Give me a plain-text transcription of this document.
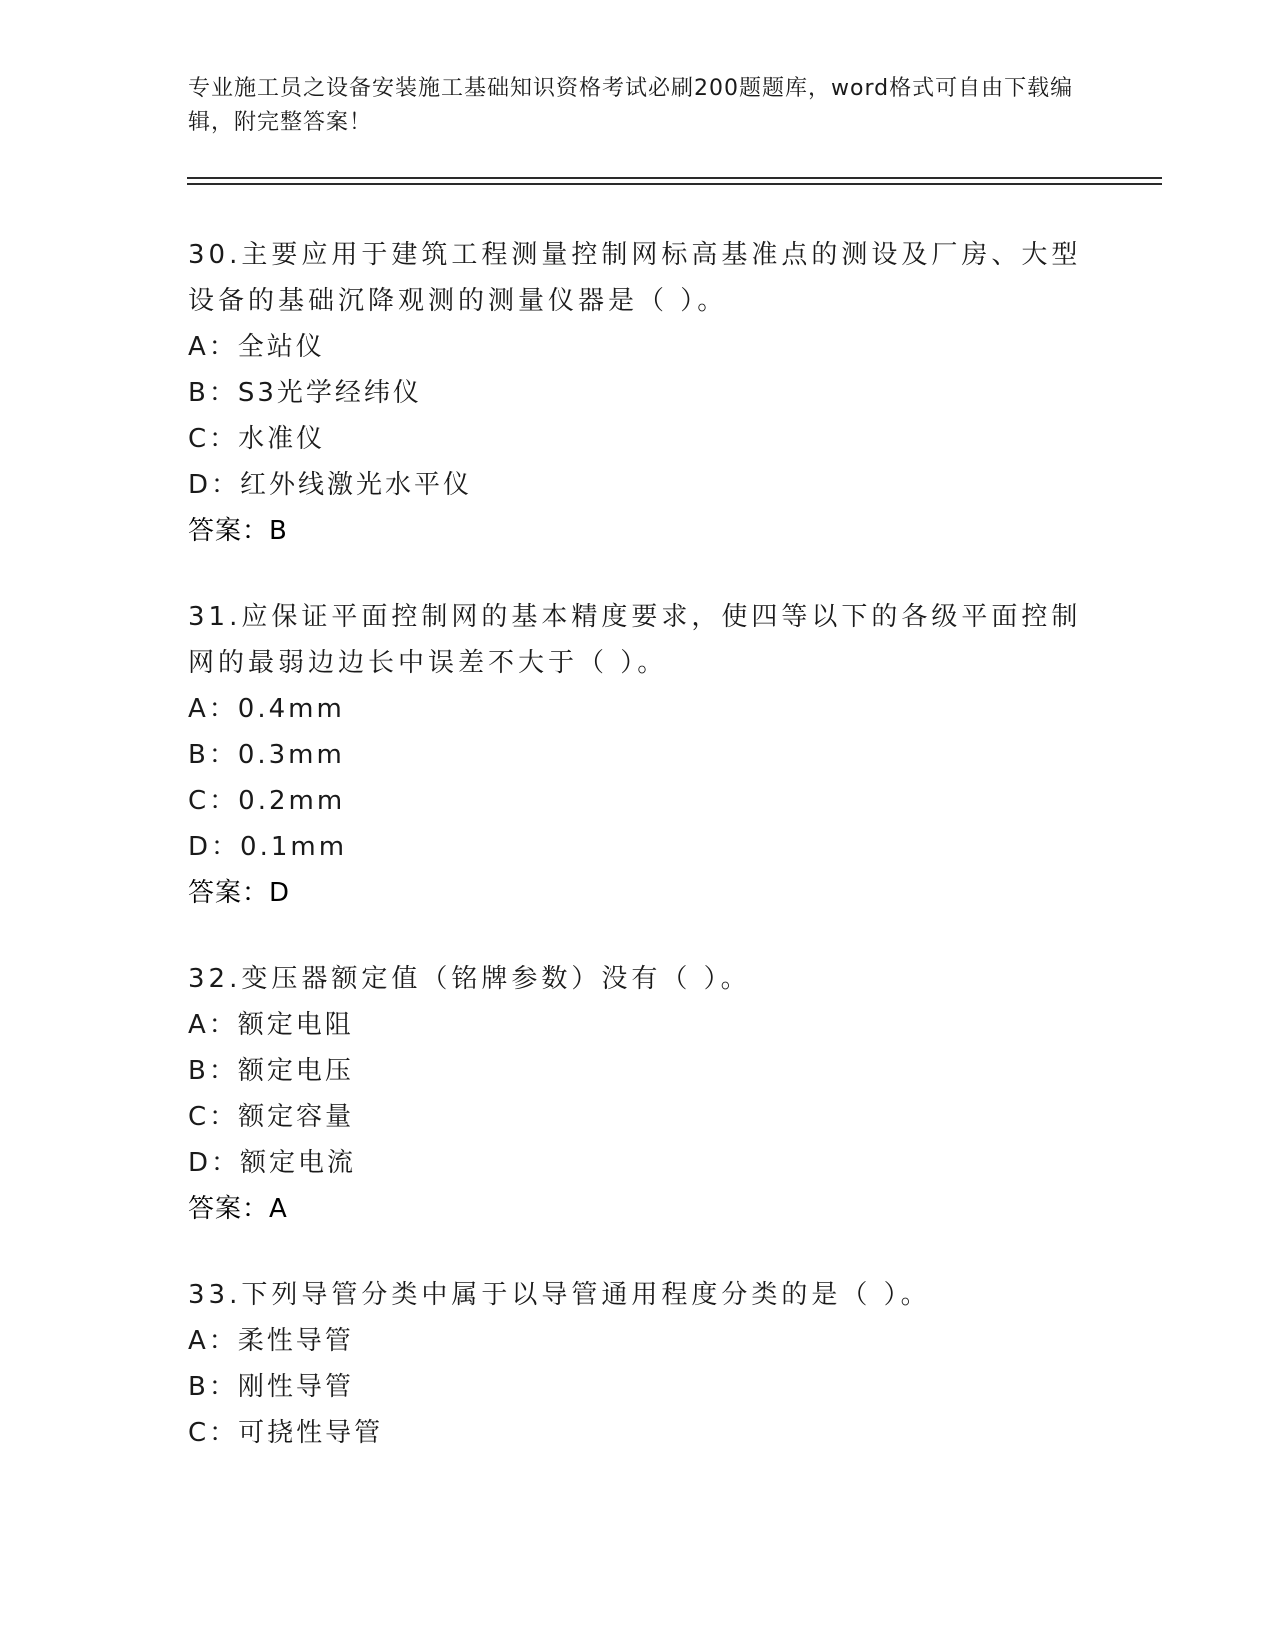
专业施工员之设备安装施工基础知识资格考试必刷200题题库，word格式可自由下载编辑，附完整答案！

30.主要应用于建筑工程测量控制网标高基准点的测设及厂房、大型设备的基础沉降观测的测量仪器是（ ）。

A：全站仪

B：S3光学经纬仪

C：水准仪

D：红外线激光水平仪

答案：B

31.应保证平面控制网的基本精度要求，使四等以下的各级平面控制网的最弱边边长中误差不大于（ ）。

A：0.4mm

B：0.3mm

C：0.2mm

D：0.1mm

答案：D

32.变压器额定值（铭牌参数）没有（ ）。

A：额定电阻

B：额定电压

C：额定容量

D：额定电流

答案：A

33.下列导管分类中属于以导管通用程度分类的是（ ）。

A：柔性导管

B：刚性导管

C：可挠性导管
